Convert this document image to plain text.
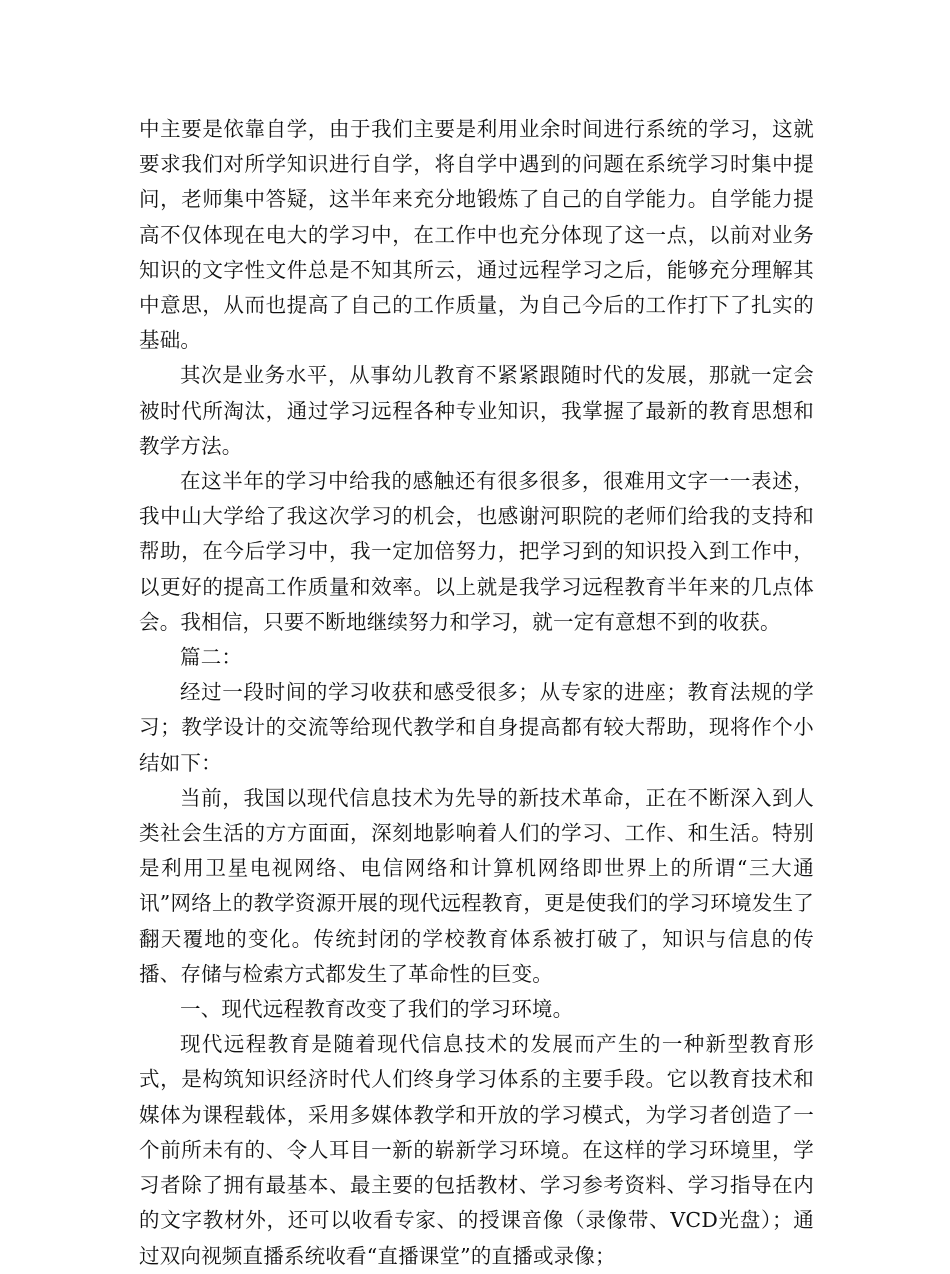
中主要是依靠自学，由于我们主要是利用业余时间进行系统的学习，这就要求我们对所学知识进行自学，将自学中遇到的问题在系统学习时集中提问，老师集中答疑，这半年来充分地锻炼了自己的自学能力。自学能力提高不仅体现在电大的学习中，在工作中也充分体现了这一点，以前对业务知识的文字性文件总是不知其所云，通过远程学习之后，能够充分理解其中意思，从而也提高了自己的工作质量，为自己今后的工作打下了扎实的基础。

其次是业务水平，从事幼儿教育不紧紧跟随时代的发展，那就一定会被时代所淘汰，通过学习远程各种专业知识，我掌握了最新的教育思想和教学方法。

在这半年的学习中给我的感触还有很多很多，很难用文字一一表述，我中山大学给了我这次学习的机会，也感谢河职院的老师们给我的支持和帮助，在今后学习中，我一定加倍努力，把学习到的知识投入到工作中，以更好的提高工作质量和效率。以上就是我学习远程教育半年来的几点体会。我相信，只要不断地继续努力和学习，就一定有意想不到的收获。

篇二：

经过一段时间的学习收获和感受很多；从专家的进座；教育法规的学习；教学设计的交流等给现代教学和自身提高都有较大帮助，现将作个小结如下：

当前，我国以现代信息技术为先导的新技术革命，正在不断深入到人类社会生活的方方面面，深刻地影响着人们的学习、工作、和生活。特别是利用卫星电视网络、电信网络和计算机网络即世界上的所谓“三大通讯”网络上的教学资源开展的现代远程教育，更是使我们的学习环境发生了翻天覆地的变化。传统封闭的学校教育体系被打破了，知识与信息的传播、存储与检索方式都发生了革命性的巨变。

一、现代远程教育改变了我们的学习环境。

现代远程教育是随着现代信息技术的发展而产生的一种新型教育形式，是构筑知识经济时代人们终身学习体系的主要手段。它以教育技术和媒体为课程载体，采用多媒体教学和开放的学习模式，为学习者创造了一个前所未有的、令人耳目一新的崭新学习环境。在这样的学习环境里，学习者除了拥有最基本、最主要的包括教材、学习参考资料、学习指导在内的文字教材外，还可以收看专家、的授课音像（录像带、VCD光盘）；通过双向视频直播系统收看“直播课堂”的直播或录像；
